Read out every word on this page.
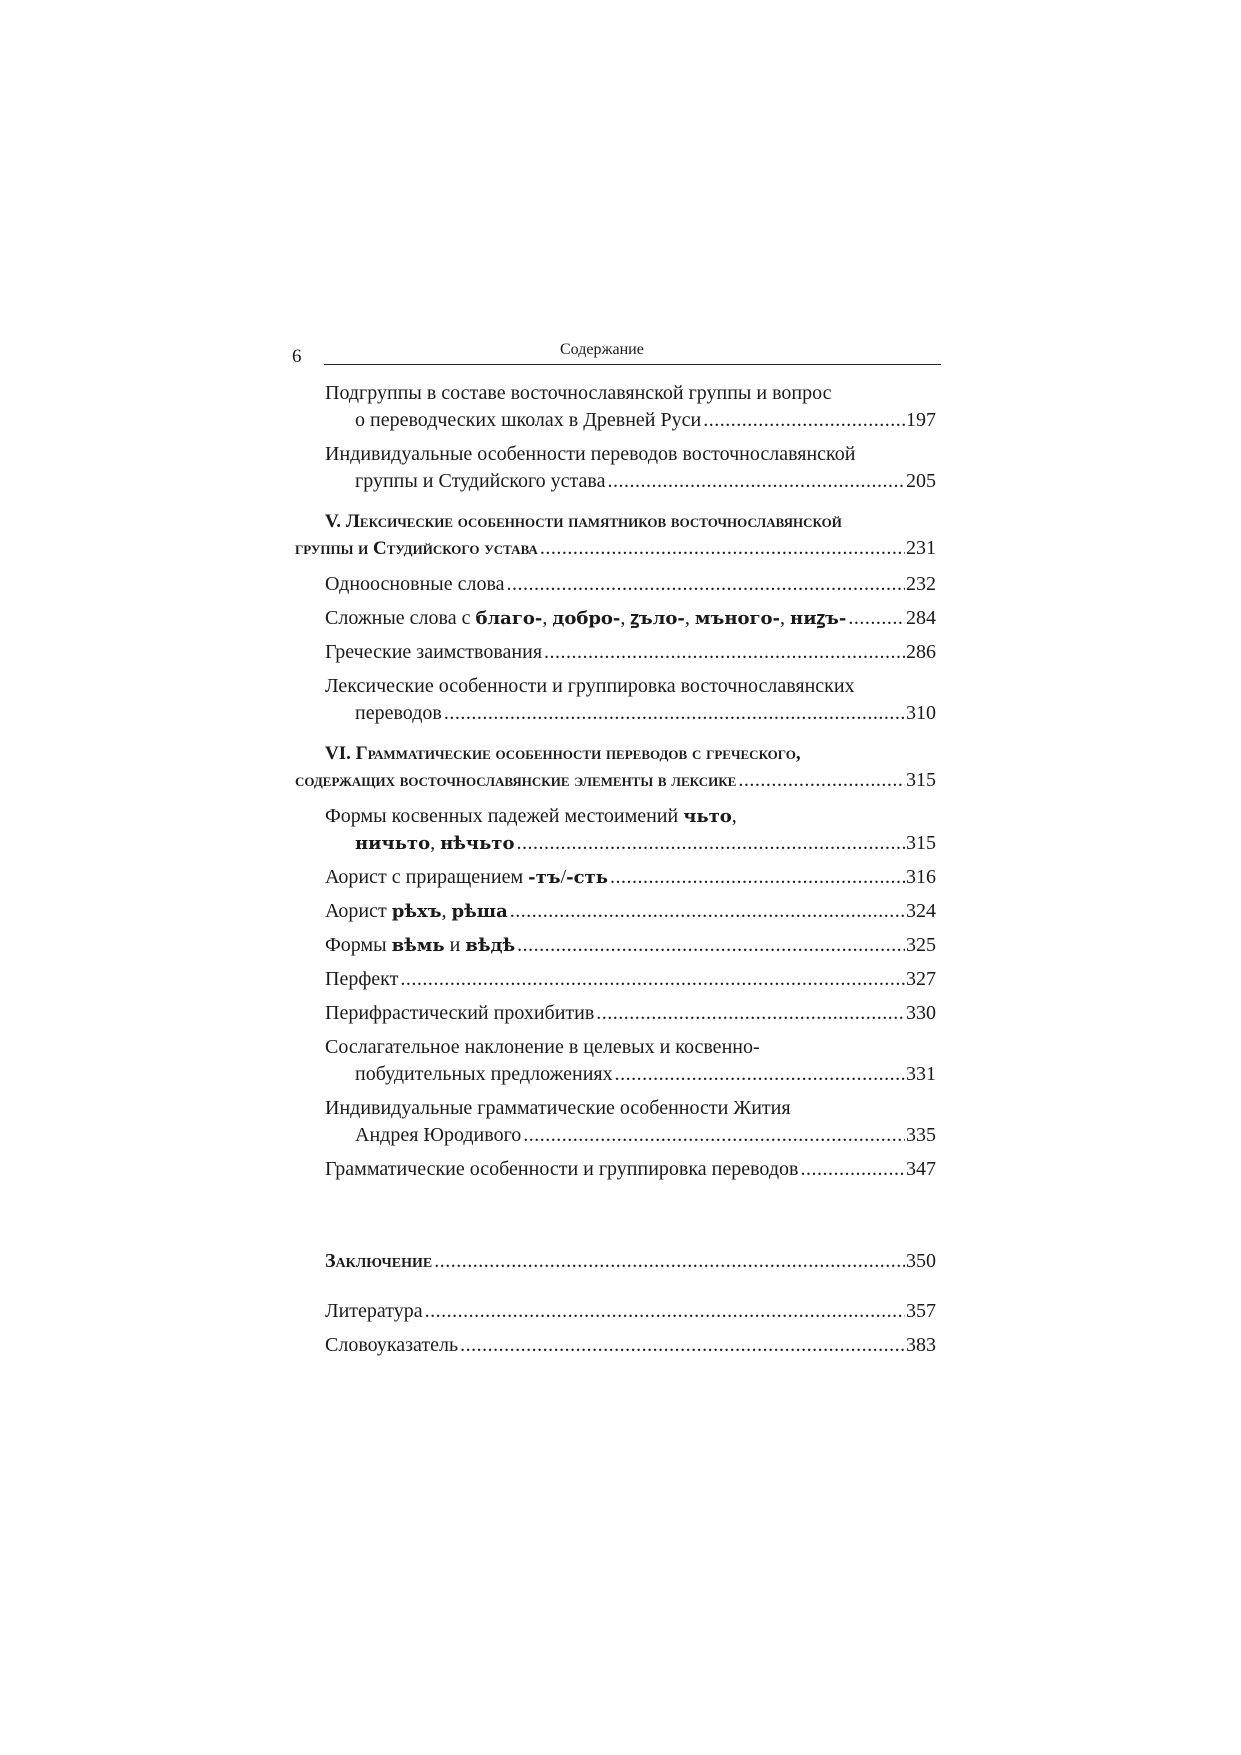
6	Содержание
Подгруппы в составе восточнославянской группы и вопрос
о переводческих школах в Древней Руси .....	197
Индивидуальные особенности переводов восточнославянской
группы и Студийского устава .....	205
V. Лексические особенности памятников восточнославянской
группы и Студийского устава .....	231
Одноосновные слова .....	232
Сложные слова с благо-, добро-, ꙁъло-, мъного-, ниꙁъ- .....	284
Греческие заимствования .....	286
Лексические особенности и группировка восточнославянских
переводов .....	310
VI. Грамматические особенности переводов с греческого,
содержащих восточнославянские элементы в лексике .....	315
Формы косвенных падежей местоимений чьто,
ничьто, нѣчьто .....	315
Аорист с приращением -тъ/-сть .....	316
Аорист рѣхъ, рѣша .....	324
Формы вѣмь и вѣдѣ .....	325
Перфект .....	327
Перифрастический прохибитив .....	330
Сослагательное наклонение в целевых и косвенно-
побудительных предложениях .....	331
Индивидуальные грамматические особенности Жития
Андрея Юродивого .....	335
Грамматические особенности и группировка переводов .....	347
Заключение .....	350
Литература .....	357
Словоуказатель .....	383
